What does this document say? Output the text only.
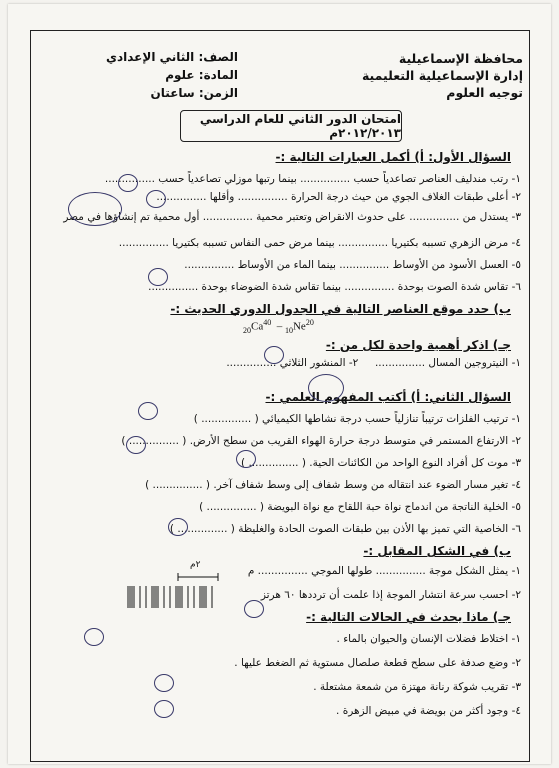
محافظة الإسماعيلية
إدارة الإسماعيلية التعليمية
توجيه العلوم
الصف: الثاني الإعدادي
المادة: علوم
الزمن: ساعتان
امتحان الدور الثاني للعام الدراسي ٢٠١٢/٢٠١٣م
السؤال الأول: أ) أكمل العبارات التالية :-
١- رتب مندليف العناصر تصاعدياً حسب ............... بينما رتبها موزلي تصاعدياً حسب ...............
٢- أعلى طبقات الغلاف الجوي من حيث درجة الحرارة ............... وأقلها ...............
٣- يستدل من ............... على حدوث الانقراض وتعتبر محمية ............... أول محمية تم إنشاؤها في مصر
٤- مرض الزهري تسببه بكتيريا ............... بينما مرض حمى النفاس تسببه بكتيريا ...............
٥- العسل الأسود من الأوساط ............... بينما الماء من الأوساط ...............
٦- تقاس شدة الصوت بوحدة ............... بينما تقاس شدة الضوضاء بوحدة ...............
ب) حدد موقع العناصر التالية في الجدول الدوري الحديث :-
$_{20}Ca^{40} - _{10}Ne^{20}$
جـ) اذكر أهمية واحدة لكل من :-
١- النيتروجين المسال ...............     ٢- المنشور الثلاثي ...............
السؤال الثاني: أ) أكتب المفهوم العلمي :-
١- ترتيب الفلزات ترتيباً تنازلياً حسب درجة نشاطها الكيميائي ( ............... )
٢- الارتفاع المستمر في متوسط درجة حرارة الهواء القريب من سطح الأرض. ( ............... )
٣- موت كل أفراد النوع الواحد من الكائنات الحية. ( ............... )
٤- تغير مسار الضوء عند انتقاله من وسط شفاف إلى وسط شفاف آخر. ( ............... )
٥- الخلية الناتجة من اندماج نواة حبة اللقاح مع نواة البويضة ( ............... )
٦- الخاصية التي تميز بها الأذن بين طبقات الصوت الحادة والغليظة ( ............... )
ب) في الشكل المقابل :-
١- يمثل الشكل موجة ............... طولها الموجي ............... م
٢- احسب سرعة انتشار الموجة إذا علمت أن ترددها ٦٠ هرتز
٢م
جـ) ماذا يحدث في الحالات التالية :-
١- اختلاط فضلات الإنسان والحيوان بالماء .
٢- وضع صدفة على سطح قطعة صلصال مستوية ثم الضغط عليها .
٣- تقريب شوكة رنانة مهتزة من شمعة مشتعلة .
٤- وجود أكثر من بويضة في مبيض الزهرة .
